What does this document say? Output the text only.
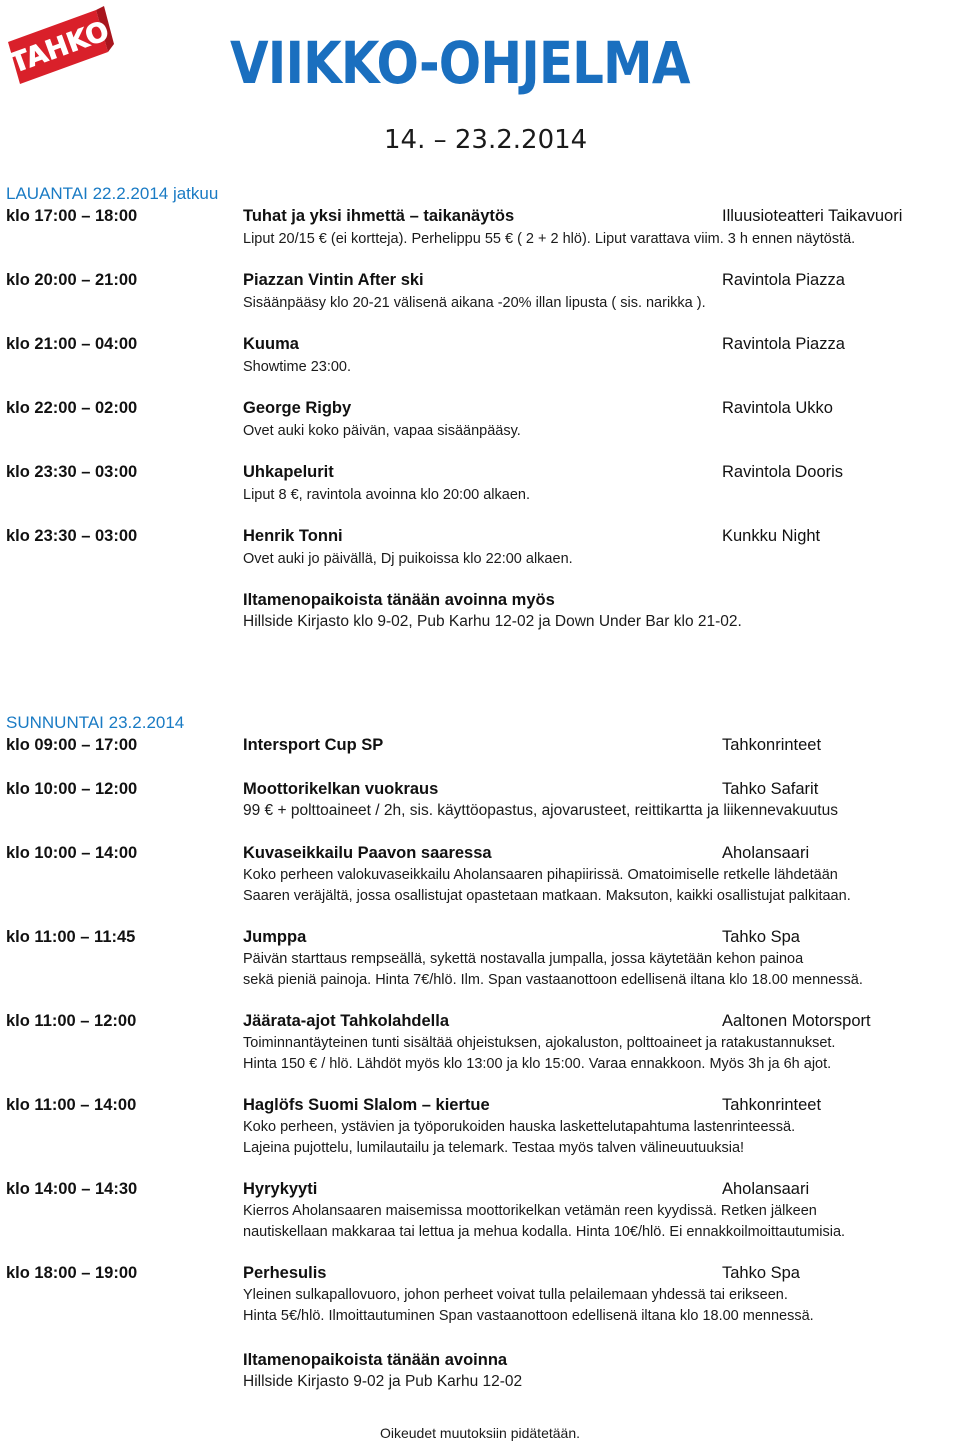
TAHKO VIIKKO-OHJELMA
14. – 23.2.2014
LAUANTAI 22.2.2014 jatkuu
klo 17:00 – 18:00	Tuhat ja yksi ihmettä – taikanäytös	Illuusioteatteri Taikavuori
Liput 20/15 € (ei kortteja). Perhelippu 55 € ( 2 + 2 hlö). Liput varattava viim. 3 h ennen näytöstä.
klo 20:00 – 21:00	Piazzan Vintin After ski	Ravintola Piazza
Sisäänpääsy klo 20-21 välisenä aikana -20% illan lipusta ( sis. narikka ).
klo 21:00 – 04:00	Kuuma	Ravintola Piazza
Showtime 23:00.
klo 22:00 – 02:00	George Rigby	Ravintola Ukko
Ovet auki koko päivän, vapaa sisäänpääsy.
klo 23:30 – 03:00	Uhkapelurit	Ravintola Dooris
Liput 8 €, ravintola avoinna klo 20:00 alkaen.
klo 23:30 – 03:00	Henrik Tonni	Kunkku Night
Ovet auki jo päivällä, Dj puikoissa klo 22:00 alkaen.
Iltamenopaikoista tänään avoinna myös
Hillside Kirjasto klo 9-02, Pub Karhu 12-02 ja Down Under Bar klo 21-02.
SUNNUNTAI 23.2.2014
klo 09:00 – 17:00	Intersport Cup SP	Tahkonrinteet
klo 10:00 – 12:00	Moottorikelkan vuokraus	Tahko Safarit
99 € + polttoaineet / 2h, sis. käyttöopastus, ajovarusteet, reittikartta ja liikennevakuutus
klo 10:00 – 14:00	Kuvaseikkailu Paavon saaressa	Aholansaari
Koko perheen valokuvaseikkailu Aholansaaren pihapiirissä. Omatoimiselle retkelle lähdetään
Saaren veräjältä, jossa osallistujat opastetaan matkaan. Maksuton, kaikki osallistujat palkitaan.
klo 11:00 – 11:45	Jumppa	Tahko Spa
Päivän starttaus rempseällä, sykettä nostavalla jumpalla, jossa käytetään kehon painoa
sekä pieniä painoja. Hinta 7€/hlö. Ilm. Span vastaanottoon edellisenä iltana klo 18.00 mennessä.
klo 11:00 – 12:00	Jäärata-ajot Tahkolahdella	Aaltonen Motorsport
Toiminnantäyteinen tunti sisältää ohjeistuksen, ajokaluston, polttoaineet ja ratakustannukset.
Hinta 150 € / hlö. Lähdöt myös klo 13:00 ja klo 15:00. Varaa ennakkoon. Myös 3h ja 6h ajot.
klo 11:00 – 14:00	Haglöfs Suomi Slalom – kiertue	Tahkonrinteet
Koko perheen, ystävien ja työporukoiden hauska laskettelutapahtuma lastenrinteessä.
Lajeina pujottelu, lumilautailu ja telemark. Testaa myös talven välineuutuuksia!
klo 14:00 – 14:30	Hyrykyyti	Aholansaari
Kierros Aholansaaren maisemissa moottorikelkan vetämän reen kyydissä. Retken jälkeen
nautiskellaan makkaraa tai lettua ja mehua kodalla. Hinta 10€/hlö. Ei ennakkoilmoittautumisia.
klo 18:00 – 19:00	Perhesulis	Tahko Spa
Yleinen sulkapallovuoro, johon perheet voivat tulla pelailemaan yhdessä tai erikseen.
Hinta 5€/hlö. Ilmoittautuminen Span vastaanottoon edellisenä iltana klo 18.00 mennessä.
Iltamenopaikoista tänään avoinna
Hillside Kirjasto 9-02 ja Pub Karhu 12-02
Oikeudet muutoksiin pidätetään.
